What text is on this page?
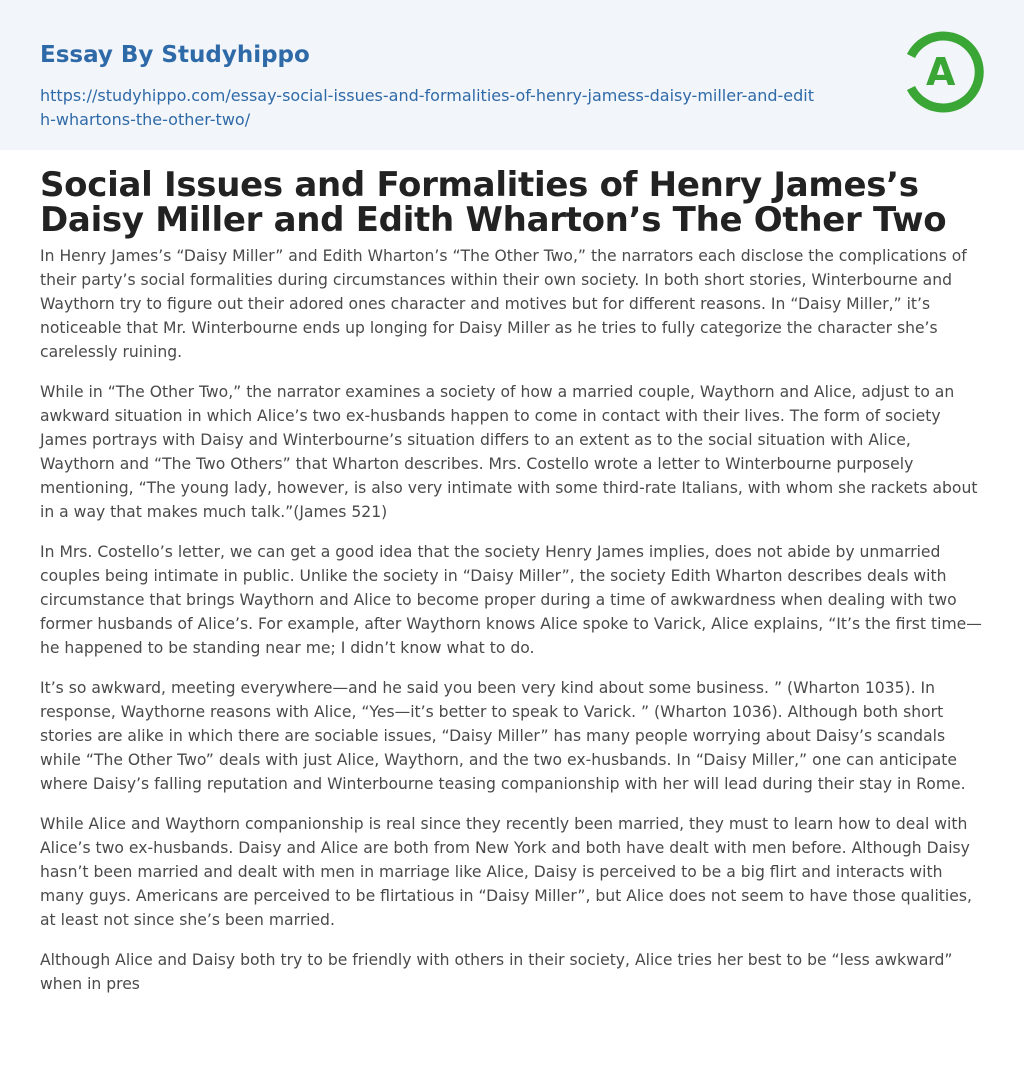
Essay By Studyhippo
https://studyhippo.com/essay-social-issues-and-formalities-of-henry-jamess-daisy-miller-and-edith-whartons-the-other-two/
A
Social Issues and Formalities of Henry James’s Daisy Miller and Edith Wharton’s The Other Two

In Henry James’s “Daisy Miller” and Edith Wharton’s “The Other Two,” the narrators each disclose the complications of their party’s social formalities during circumstances within their own society. In both short stories, Winterbourne and Waythorn try to figure out their adored ones character and motives but for different reasons. In “Daisy Miller,” it’s noticeable that Mr. Winterbourne ends up longing for Daisy Miller as he tries to fully categorize the character she’s carelessly ruining.

While in “The Other Two,” the narrator examines a society of how a married couple, Waythorn and Alice, adjust to an awkward situation in which Alice’s two ex-husbands happen to come in contact with their lives. The form of society James portrays with Daisy and Winterbourne’s situation differs to an extent as to the social situation with Alice, Waythorn and “The Two Others” that Wharton describes. Mrs. Costello wrote a letter to Winterbourne purposely mentioning, “The young lady, however, is also very intimate with some third-rate Italians, with whom she rackets about in a way that makes much talk.”(James 521)

In Mrs. Costello’s letter, we can get a good idea that the society Henry James implies, does not abide by unmarried couples being intimate in public. Unlike the society in “Daisy Miller”, the society Edith Wharton describes deals with circumstance that brings Waythorn and Alice to become proper during a time of awkwardness when dealing with two former husbands of Alice’s. For example, after Waythorn knows Alice spoke to Varick, Alice explains, “It’s the first time—he happened to be standing near me; I didn’t know what to do.

It’s so awkward, meeting everywhere—and he said you been very kind about some business. ” (Wharton 1035). In response, Waythorne reasons with Alice, “Yes—it’s better to speak to Varick. ” (Wharton 1036). Although both short stories are alike in which there are sociable issues, “Daisy Miller” has many people worrying about Daisy’s scandals while “The Other Two” deals with just Alice, Waythorn, and the two ex-husbands. In “Daisy Miller,” one can anticipate where Daisy’s falling reputation and Winterbourne teasing companionship with her will lead during their stay in Rome.

While Alice and Waythorn companionship is real since they recently been married, they must to learn how to deal with Alice’s two ex-husbands. Daisy and Alice are both from New York and both have dealt with men before. Although Daisy hasn’t been married and dealt with men in marriage like Alice, Daisy is perceived to be a big flirt and interacts with many guys. Americans are perceived to be flirtatious in “Daisy Miller”, but Alice does not seem to have those qualities, at least not since she’s been married.

Although Alice and Daisy both try to be friendly with others in their society, Alice tries her best to be “less awkward” when in pres
